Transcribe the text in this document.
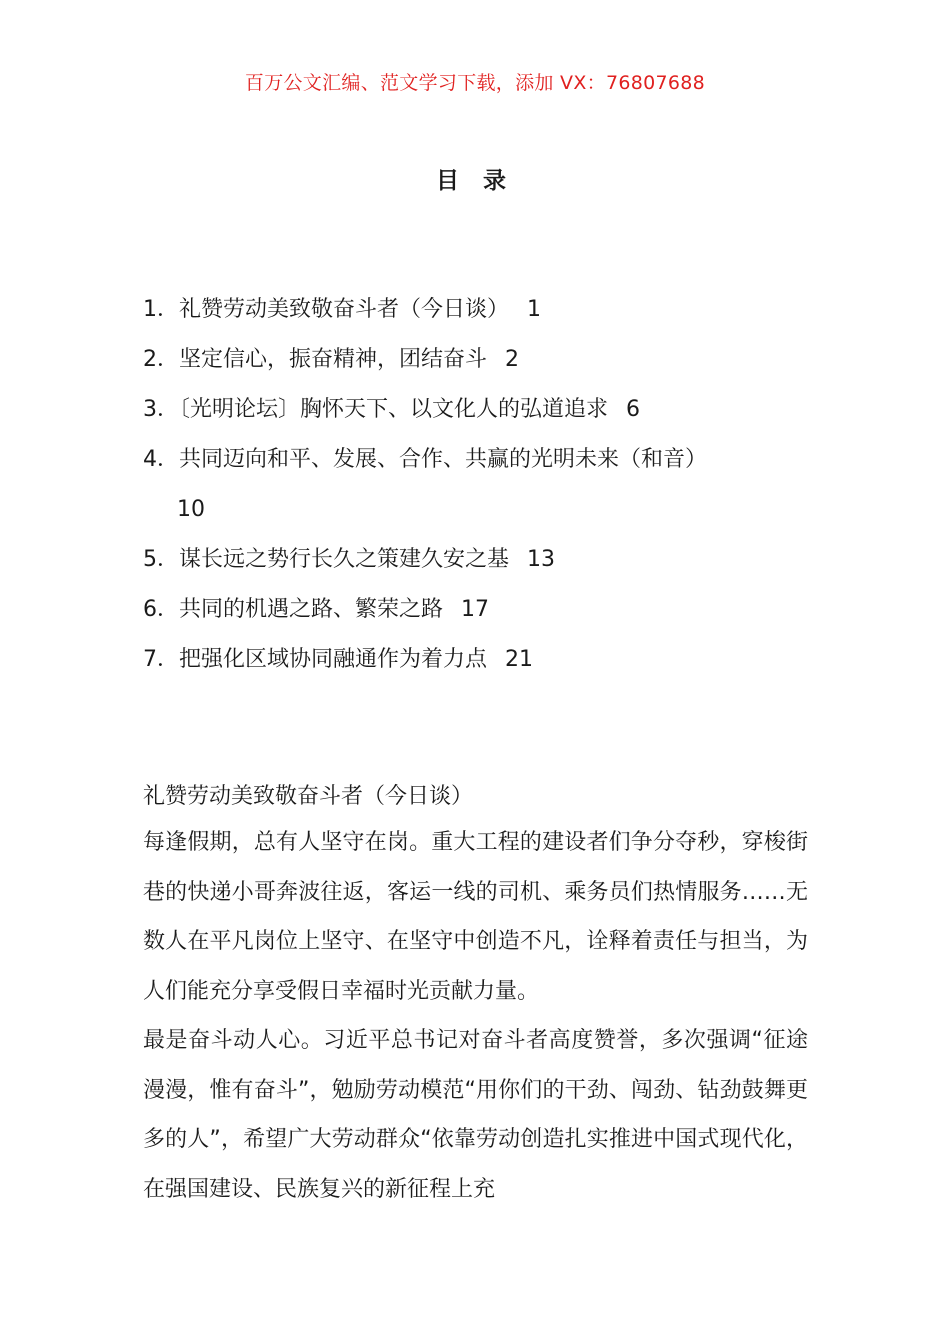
百万公文汇编、范文学习下载，添加 VX：76807688
目 录
1．礼赞劳动美致敬奋斗者（今日谈） 1
2．坚定信心，振奋精神，团结奋斗 2
3．〔光明论坛〕胸怀天下、以文化人的弘道追求 6
4．共同迈向和平、发展、合作、共赢的光明未来（和音）
10
5．谋长远之势行长久之策建久安之基 13
6．共同的机遇之路、繁荣之路 17
7．把强化区域协同融通作为着力点 21
礼赞劳动美致敬奋斗者（今日谈）

每逢假期，总有人坚守在岗。重大工程的建设者们争分夺秒，穿梭街巷的快递小哥奔波往返，客运一线的司机、乘务员们热情服务……无数人在平凡岗位上坚守、在坚守中创造不凡，诠释着责任与担当，为人们能充分享受假日幸福时光贡献力量。

最是奋斗动人心。习近平总书记对奋斗者高度赞誉，多次强调“征途漫漫，惟有奋斗”，勉励劳动模范“用你们的干劲、闯劲、钻劲鼓舞更多的人”，希望广大劳动群众“依靠劳动创造扎实推进中国式现代化，在强国建设、民族复兴的新征程上充
